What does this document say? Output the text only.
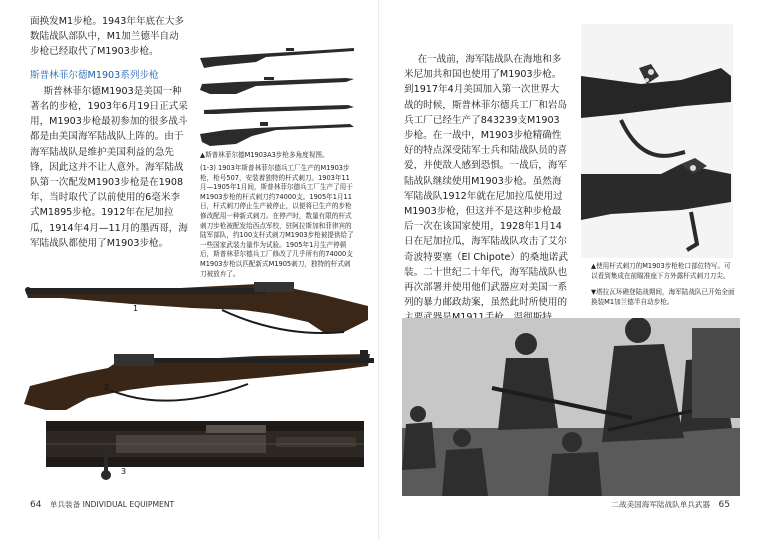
面换发M1步枪。1943年年底在大多数陆战队部队中，M1加兰德半自动步枪已经取代了M1903步枪。

斯普林菲尔德M1903系列步枪

斯普林菲尔德M1903是美国一种著名的步枪，1903年6月19日正式采用，M1903步枪最初参加的很多战斗都是由美国海军陆战队上阵的。由于海军陆战队是维护美国利益的急先锋，因此这并不让人意外。海军陆战队第一次配发M1903步枪是在1908年，当时取代了以前使用的6毫米李式M1895步枪。1912年在尼加拉瓜，1914年4月—11月的墨西哥，海军陆战队都使用了M1903步枪。

▲斯普林菲尔德M1903A3步枪多角度视图。
(1-3) 1903年斯普林菲尔德兵工厂生产的M1903步枪，枪号507，安装着独特的杆式刺刀。1903年11月—1905年1月间，斯普林菲尔德兵工厂生产了用于M1903步枪的杆式刺刀约74000支。1905年1月11日，杆式刺刀停止生产被停止，以便将已生产的步枪修改配用一种新式刺刀。在停产时，数量有限的杆式刺刀步枪被配发给西点军校，驻阿拉斯加和菲律宾的陆军部队，约100支杆式刺刀M1903步枪被提供给了一些国家武装力量作为试验。1905年1月生产停顿后，斯普林菲尔德兵工厂修改了几乎所有的74000支M1903步枪以匹配新式M1905刺刀，独特的杆式刺刀被放弃了。
1
2
3
64 单兵装备 INDIVIDUAL EQUIPMENT

在一战前，海军陆战队在海地和多米尼加共和国也使用了M1903步枪。到1917年4月美国加入第一次世界大战的时候，斯普林菲尔德兵工厂和岩岛兵工厂已经生产了843239支M1903步枪。在一战中，M1903步枪精确性好的特点深受陆军士兵和陆战队员的喜爱，并使敌人感到恐惧。一战后，海军陆战队继续使用M1903步枪。虽然海军陆战队1912年就在尼加拉瓜使用过M1903步枪，但这并不是这种步枪最后一次在该国家使用，1928年1月14日在尼加拉瓜，海军陆战队攻击了艾尔奇波特要塞（El Chipote）的桑地诺武装。二十世纪二十年代，海军陆战队也再次部署并使用他们武器应对美国一系列的暴力邮政劫案，虽然此时所使用的

▲使用杆式刺刀的M1903步枪枪口部位特写。可以看到集成在前瞄准座下方外露杆式刺刀刀尖。
▼塔拉瓦环礁登陆战期间，海军陆战队已开始全面换装M1加兰德半自动步枪。
二战美国海军陆战队单兵武器 65
